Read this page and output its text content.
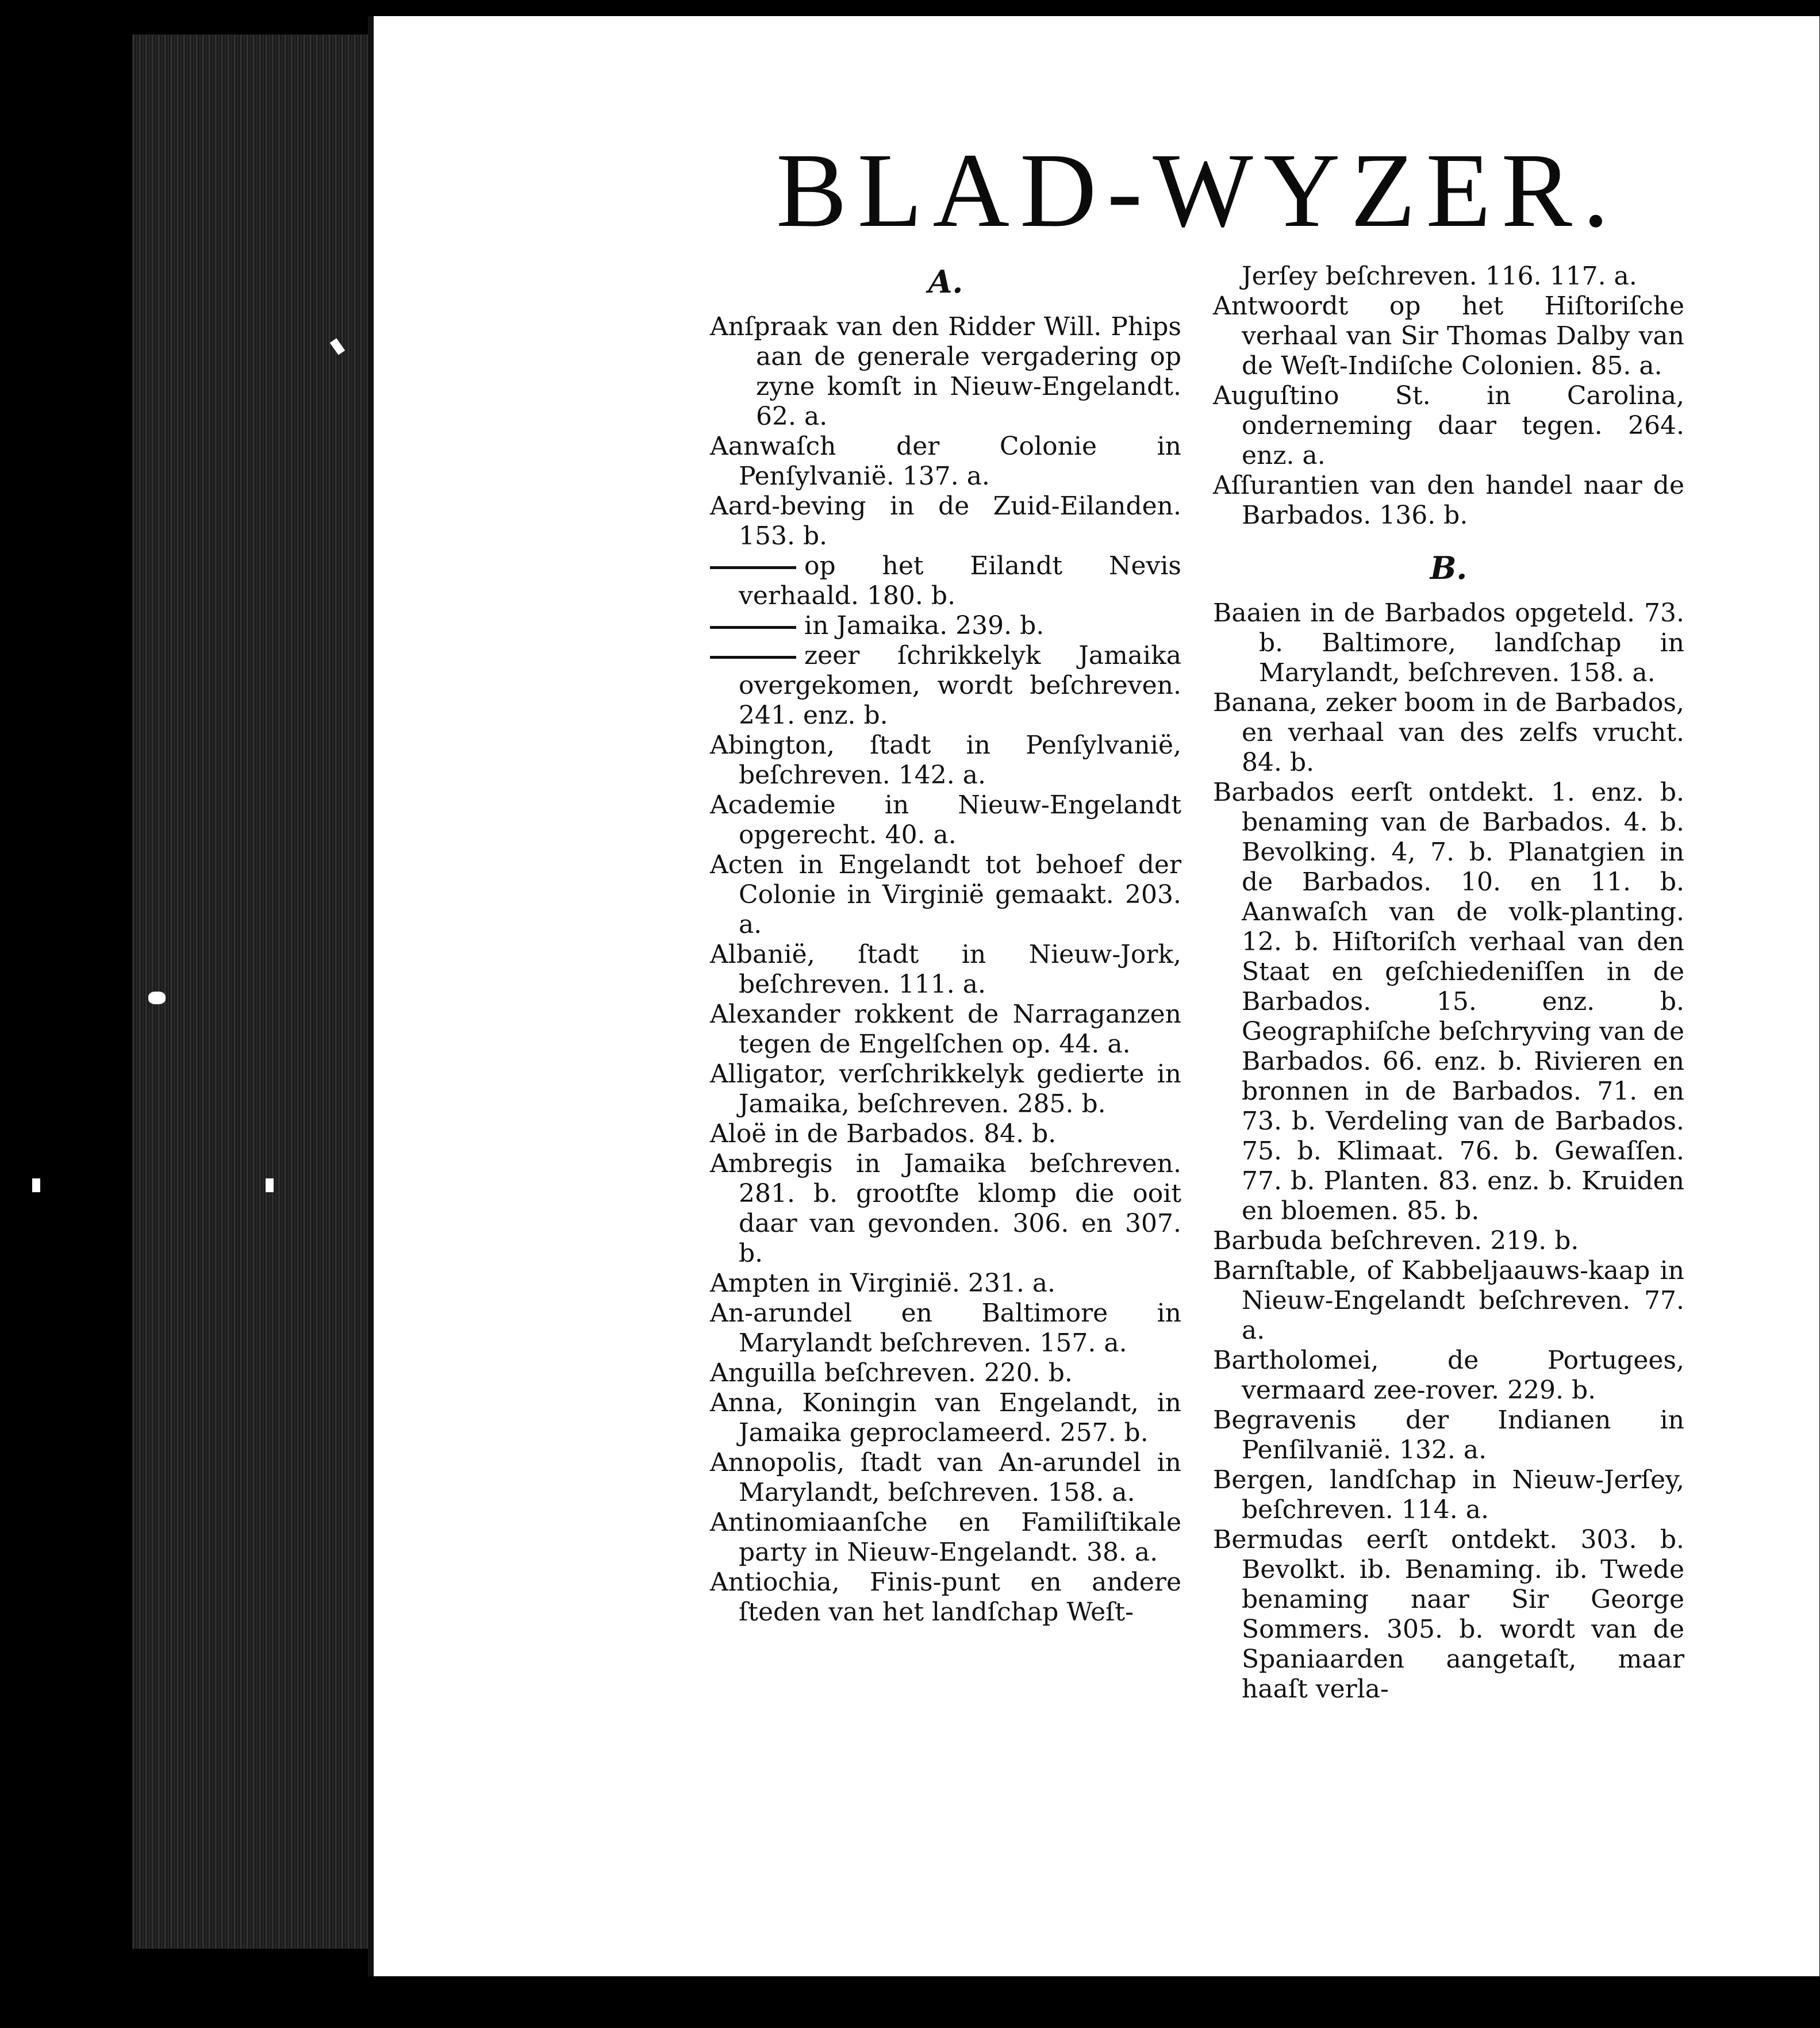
BLAD-WYZER.
A.
Anſpraak van den Ridder Will. Phips aan de generale vergadering op zyne komſt in Nieuw-Engelandt. 62. a.
Aanwaſch der Colonie in Penſylvanië. 137. a.
Aard-beving in de Zuid-Eilanden. 153. b.
op het Eilandt Nevis verhaald. 180. b.
in Jamaika. 239. b.
zeer ſchrikkelyk Jamaika overgekomen, wordt beſchreven. 241. enz. b.
Abington, ſtadt in Penſylvanië, beſchreven. 142. a.
Academie in Nieuw-Engelandt opgerecht. 40. a.
Acten in Engelandt tot behoef der Colonie in Virginië gemaakt. 203. a.
Albanië, ſtadt in Nieuw-Jork, beſchreven. 111. a.
Alexander rokkent de Narraganzen tegen de Engelſchen op. 44. a.
Alligator, verſchrikkelyk gedierte in Jamaika, beſchreven. 285. b.
Aloë in de Barbados. 84. b.
Ambregis in Jamaika beſchreven. 281. b. grootſte klomp die ooit daar van gevonden. 306. en 307. b.
Ampten in Virginië. 231. a.
An-arundel en Baltimore in Marylandt beſchreven. 157. a.
Anguilla beſchreven. 220. b.
Anna, Koningin van Engelandt, in Jamaika geproclameerd. 257. b.
Annopolis, ſtadt van An-arundel in Marylandt, beſchreven. 158. a.
Antinomiaanſche en Familiſtikale party in Nieuw-Engelandt. 38. a.
Antiochia, Finis-punt en andere ſteden van het landſchap Weſt-
Jerſey beſchreven. 116. 117. a.
Antwoordt op het Hiſtoriſche verhaal van Sir Thomas Dalby van de Weſt-Indiſche Colonien. 85. a.
Auguſtino St. in Carolina, onderneming daar tegen. 264. enz. a.
Aſſurantien van den handel naar de Barbados. 136. b.
B.
Baaien in de Barbados opgeteld. 73. b. Baltimore, landſchap in Marylandt, beſchreven. 158. a.
Banana, zeker boom in de Barbados, en verhaal van des zelfs vrucht. 84. b.
Barbados eerſt ontdekt. 1. enz. b. benaming van de Barbados. 4. b. Bevolking. 4, 7. b. Planatgien in de Barbados. 10. en 11. b. Aanwaſch van de volk-planting. 12. b. Hiſtoriſch verhaal van den Staat en geſchiedeniſſen in de Barbados. 15. enz. b. Geographiſche beſchryving van de Barbados. 66. enz. b. Rivieren en bronnen in de Barbados. 71. en 73. b. Verdeling van de Barbados. 75. b. Klimaat. 76. b. Gewaſſen. 77. b. Planten. 83. enz. b. Kruiden en bloemen. 85. b.
Barbuda beſchreven. 219. b.
Barnſtable, of Kabbeljaauws-kaap in Nieuw-Engelandt beſchreven. 77. a.
Bartholomei, de Portugees, vermaard zee-rover. 229. b.
Begravenis der Indianen in Penſilvanië. 132. a.
Bergen, landſchap in Nieuw-Jerſey, beſchreven. 114. a.
Bermudas eerſt ontdekt. 303. b. Bevolkt. ib. Benaming. ib. Twede benaming naar Sir George Sommers. 305. b. wordt van de Spaniaarden aangetaſt, maar haaſt verla-
